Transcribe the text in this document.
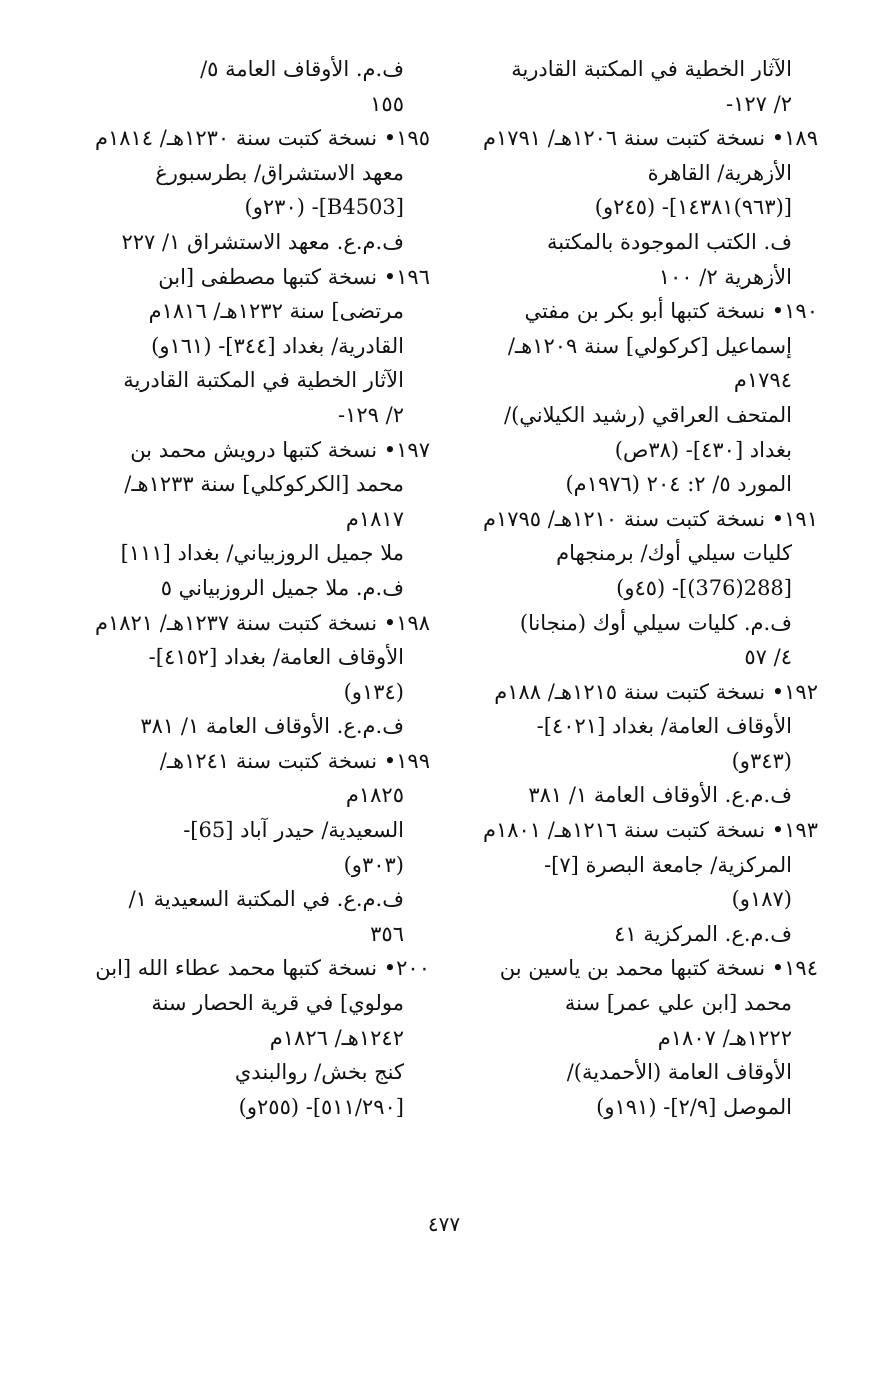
الآثار الخطية في المكتبة القادرية
٢/ ١٢٧-
١٨٩• نسخة كتبت سنة ١٢٠٦هـ/ ١٧٩١م
الأزهرية/ القاهرة
[(٩٦٣)١٤٣٨١]- (٢٤٥و)
ف. الكتب الموجودة بالمكتبة
الأزهرية ٢/ ١٠٠
١٩٠• نسخة كتبها أبو بكر بن مفتي
إسماعيل [كركولي] سنة ١٢٠٩هـ/
١٧٩٤م
المتحف العراقي (رشيد الكيلاني)/
بغداد [٤٣٠]- (٣٨ص)
المورد ٥/ ٢: ٢٠٤ (١٩٧٦م)
١٩١• نسخة كتبت سنة ١٢١٠هـ/ ١٧٩٥م
كليات سيلي أوك/ برمنجهام
[288(376)]- (٤٥و)
ف.م. كليات سيلي أوك (منجانا)
٤/ ٥٧
١٩٢• نسخة كتبت سنة ١٢١٥هـ/ ١٨٨م
الأوقاف العامة/ بغداد [٤٠٢١]-
(٣٤٣و)
ف.م.ع. الأوقاف العامة ١/ ٣٨١
١٩٣• نسخة كتبت سنة ١٢١٦هـ/ ١٨٠١م
المركزية/ جامعة البصرة [٧]-
(١٨٧و)
ف.م.ع. المركزية ٤١
١٩٤• نسخة كتبها محمد بن ياسين بن
محمد [ابن علي عمر] سنة
١٢٢٢هـ/ ١٨٠٧م
الأوقاف العامة (الأحمدية)/
الموصل [٢/٩]- (١٩١و)
ف.م. الأوقاف العامة ٥/
١٥٥
١٩٥• نسخة كتبت سنة ١٢٣٠هـ/ ١٨١٤م
معهد الاستشراق/ بطرسبورغ
[B4503]- (٢٣٠و)
ف.م.ع. معهد الاستشراق ١/ ٢٢٧
١٩٦• نسخة كتبها مصطفى [ابن
مرتضى] سنة ١٢٣٢هـ/ ١٨١٦م
القادرية/ بغداد [٣٤٤]- (١٦١و)
الآثار الخطية في المكتبة القادرية
٢/ ١٢٩-
١٩٧• نسخة كتبها درويش محمد بن
محمد [الكركوكلي] سنة ١٢٣٣هـ/
١٨١٧م
ملا جميل الروزبياني/ بغداد [١١١]
ف.م. ملا جميل الروزبياني ٥
١٩٨• نسخة كتبت سنة ١٢٣٧هـ/ ١٨٢١م
الأوقاف العامة/ بغداد [٤١٥٢]-
(١٣٤و)
ف.م.ع. الأوقاف العامة ١/ ٣٨١
١٩٩• نسخة كتبت سنة ١٢٤١هـ/
١٨٢٥م
السعيدية/ حيدر آباد [65]-
(٣٠٣و)
ف.م.ع. في المكتبة السعيدية ١/
٣٥٦
٢٠٠• نسخة كتبها محمد عطاء الله [ابن
مولوي] في قرية الحصار سنة
١٢٤٢هـ/ ١٨٢٦م
كنج بخش/ روالبندي
[٥١١/٢٩٠]- (٢٥٥و)
٤٧٧
